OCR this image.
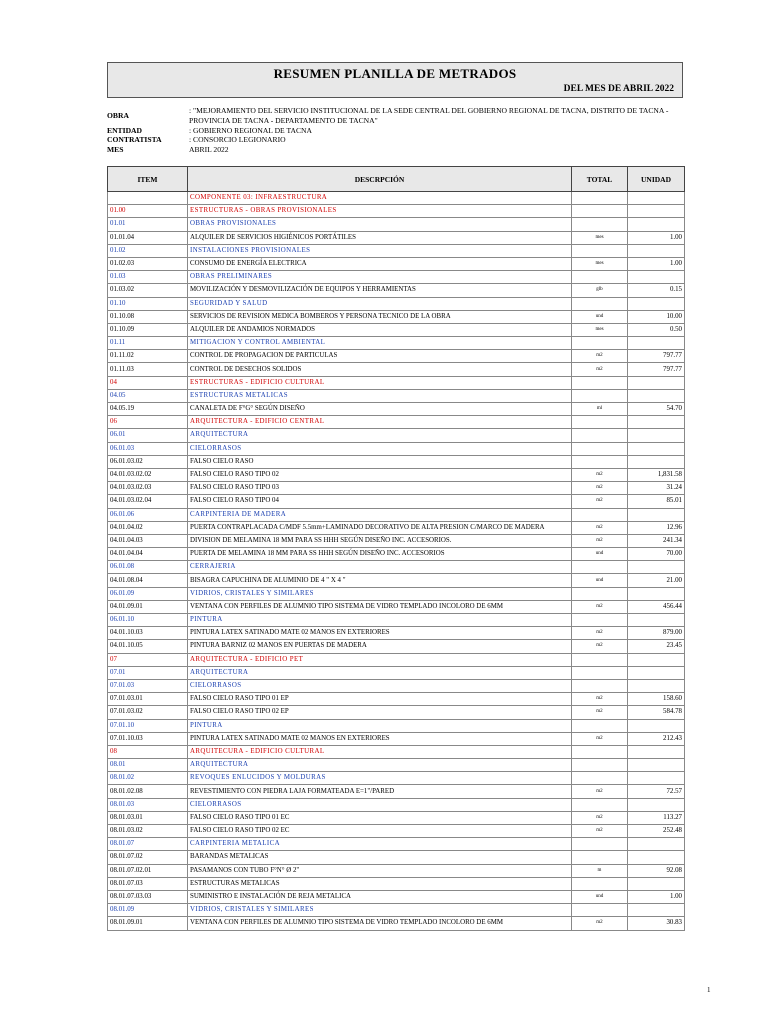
RESUMEN PLANILLA DE METRADOS
DEL MES DE ABRIL 2022
OBRA
: "MEJORAMIENTO DEL SERVICIO INSTITUCIONAL DE LA SEDE CENTRAL DEL GOBIERNO REGIONAL DE TACNA, DISTRITO DE TACNA - PROVINCIA DE TACNA - DEPARTAMENTO DE TACNA"
ENTIDAD	: GOBIERNO REGIONAL DE TACNA
CONTRATISTA	: CONSORCIO LEGIONARIO
MES	ABRIL 2022
ITEM	DESCRPCIÓN	TOTAL	UNIDAD
	COMPONENTE 03: INFRAESTRUCTURA		
01.00	ESTRUCTURAS - OBRAS PROVISIONALES		
01.01	OBRAS PROVISIONALES		
01.01.04	ALQUILER DE SERVICIOS HIGIÉNICOS PORTÁTILES	mes	1.00
01.02	INSTALACIONES PROVISIONALES		
01.02.03	CONSUMO DE ENERGÍA ELECTRICA	mes	1.00
01.03	OBRAS PRELIMINARES		
01.03.02	MOVILIZACIÓN Y DESMOVILIZACIÓN DE EQUIPOS Y HERRAMIENTAS	glb	0.15
01.10	SEGURIDAD Y SALUD		
01.10.08	SERVICIOS DE REVISION MEDICA BOMBEROS Y PERSONA TECNICO DE LA OBRA	und	10.00
01.10.09	ALQUILER DE ANDAMIOS NORMADOS	mes	0.50
01.11	MITIGACION Y CONTROL AMBIENTAL		
01.11.02	CONTROL DE PROPAGACION DE PARTICULAS	m2	797.77
01.11.03	CONTROL DE DESECHOS SOLIDOS	m2	797.77
04	ESTRUCTURAS - EDIFICIO CULTURAL		
04.05	ESTRUCTURAS METALICAS		
04.05.19	CANALETA DE F°G° SEGÚN DISEÑO	ml	54.70
06	ARQUITECTURA - EDIFICIO CENTRAL		
06.01	ARQUITECTURA		
06.01.03	CIELORRASOS		
06.01.03.02	FALSO CIELO RASO		
04.01.03.02.02	FALSO CIELO RASO TIPO 02	m2	1,831.58
04.01.03.02.03	FALSO CIELO RASO TIPO 03	m2	31.24
04.01.03.02.04	FALSO CIELO RASO TIPO 04	m2	85.01
06.01.06	CARPINTERIA DE MADERA		
04.01.04.02	PUERTA CONTRAPLACADA C/MDF 5.5mm+LAMINADO DECORATIVO DE ALTA PRESION C/MARCO DE MADERA	m2	12.96
04.01.04.03	DIVISION DE MELAMINA 18 MM PARA SS HHH SEGÚN DISEÑO INC. ACCESORIOS.	m2	241.34
04.01.04.04	PUERTA DE MELAMINA 18 MM PARA SS HHH SEGÚN DISEÑO INC. ACCESORIOS	und	70.00
06.01.08	CERRAJERIA		
04.01.08.04	BISAGRA CAPUCHINA DE ALUMINIO DE 4 " X 4 "	und	21.00
06.01.09	VIDRIOS, CRISTALES Y SIMILARES		
04.01.09.01	VENTANA CON PERFILES DE ALUMNIO TIPO SISTEMA DE VIDRO TEMPLADO INCOLORO DE 6MM	m2	456.44
06.01.10	PINTURA		
04.01.10.03	PINTURA LATEX SATINADO MATE 02 MANOS EN EXTERIORES	m2	879.00
04.01.10.05	PINTURA BARNIZ 02 MANOS EN PUERTAS DE MADERA	m2	23.45
07	ARQUITECTURA - EDIFICIO PET		
07.01	ARQUITECTURA		
07.01.03	CIELORRASOS		
07.01.03.01	FALSO CIELO RASO TIPO 01 EP	m2	158.60
07.01.03.02	FALSO CIELO RASO TIPO 02 EP	m2	584.78
07.01.10	PINTURA		
07.01.10.03	PINTURA LATEX SATINADO MATE 02 MANOS EN EXTERIORES	m2	212.43
08	ARQUITECURA - EDIFICIO CULTURAL		
08.01	ARQUITECTURA		
08.01.02	REVOQUES ENLUCIDOS Y MOLDURAS		
08.01.02.08	REVESTIMIENTO CON PIEDRA LAJA FORMATEADA E=1"/PARED	m2	72.57
08.01.03	CIELORRASOS		
08.01.03.01	FALSO CIELO RASO TIPO 01 EC	m2	113.27
08.01.03.02	FALSO CIELO RASO TIPO 02 EC	m2	252.48
08.01.07	CARPINTERIA METALICA		
08.01.07.02	BARANDAS METALICAS		
08.01.07.02.01	PASAMANOS CON TUBO F°N° Ø 2"	m	92.08
08.01.07.03	ESTRUCTURAS METALICAS		
08.01.07.03.03	SUMINISTRO E INSTALACIÓN DE REJA METALICA	und	1.00
08.01.09	VIDRIOS, CRISTALES Y SIMILARES		
08.01.09.01	VENTANA CON PERFILES DE ALUMNIO TIPO SISTEMA DE VIDRO TEMPLADO INCOLORO DE 6MM	m2	30.83
1
